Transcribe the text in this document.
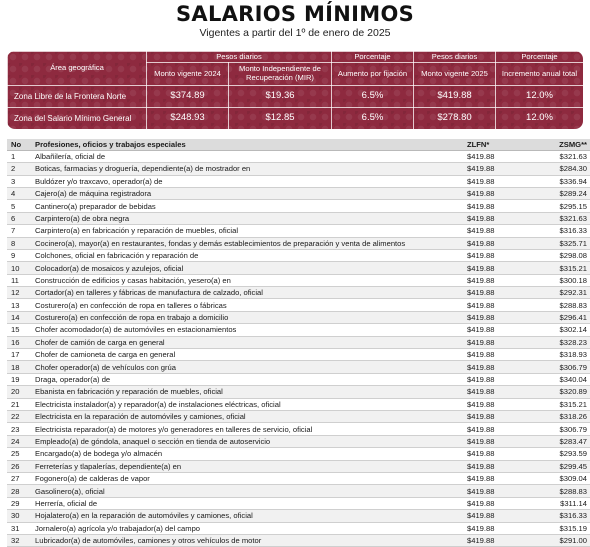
SALARIOS MÍNIMOS
Vigentes a partir del 1º de enero de 2025
Área geográfica	Pesos diarios		Porcentaje	Pesos diarios	Porcentaje
	Monto vigente 2024	Monto Independiente de Recuperación (MIR)	Aumento por fijación	Monto vigente 2025	Incremento anual total
Zona Libre de la Frontera Norte	$374.89	$19.36	6.5%	$419.88	12.0%
Zona del Salario Mínimo General	$248.93	$12.85	6.5%	$278.80	12.0%
No	Profesiones, oficios y trabajos especiales	ZLFN*	ZSMG**
1	Albañilería, oficial de	$419.88	$321.63
2	Boticas, farmacias y droguería, dependiente(a) de mostrador en	$419.88	$284.30
3	Buldózer y/o traxcavo, operador(a) de	$419.88	$336.94
4	Cajero(a) de máquina registradora	$419.88	$289.24
5	Cantinero(a) preparador de bebidas	$419.88	$295.15
6	Carpintero(a) de obra negra	$419.88	$321.63
7	Carpintero(a) en fabricación y reparación de muebles, oficial	$419.88	$316.33
8	Cocinero(a), mayor(a) en restaurantes, fondas y demás establecimientos de preparación y venta de alimentos	$419.88	$325.71
9	Colchones, oficial en fabricación y reparación de	$419.88	$298.08
10	Colocador(a) de mosaicos y azulejos, oficial	$419.88	$315.21
11	Construcción de edificios y casas habitación, yesero(a) en	$419.88	$300.18
12	Cortador(a) en talleres y fábricas de manufactura de calzado, oficial	$419.88	$292.31
13	Costurero(a) en confección de ropa en talleres o fábricas	$419.88	$288.83
14	Costurero(a) en confección de ropa en trabajo a domicilio	$419.88	$296.41
15	Chofer acomodador(a) de automóviles en estacionamientos	$419.88	$302.14
16	Chofer de camión de carga en general	$419.88	$328.23
17	Chofer de camioneta de carga en general	$419.88	$318.93
18	Chofer operador(a) de vehículos con grúa	$419.88	$306.79
19	Draga, operador(a) de	$419.88	$340.04
20	Ebanista en fabricación y reparación de muebles, oficial	$419.88	$320.89
21	Electricista instalador(a) y reparador(a) de instalaciones eléctricas, oficial	$419.88	$315.21
22	Electricista en la reparación de automóviles y camiones, oficial	$419.88	$318.26
23	Electricista reparador(a) de motores y/o generadores en talleres de servicio, oficial	$419.88	$306.79
24	Empleado(a) de góndola, anaquel o sección en tienda de autoservicio	$419.88	$283.47
25	Encargado(a) de bodega y/o almacén	$419.88	$293.59
26	Ferreterías y tlapalerías, dependiente(a) en	$419.88	$299.45
27	Fogonero(a) de calderas de vapor	$419.88	$309.04
28	Gasolinero(a), oficial	$419.88	$288.83
29	Herrería, oficial de	$419.88	$311.14
30	Hojalatero(a) en la reparación de automóviles y camiones, oficial	$419.88	$316.33
31	Jornalero(a) agrícola y/o trabajador(a) del campo	$419.88	$315.19
32	Lubricador(a) de automóviles, camiones y otros vehículos de motor	$419.88	$291.00
